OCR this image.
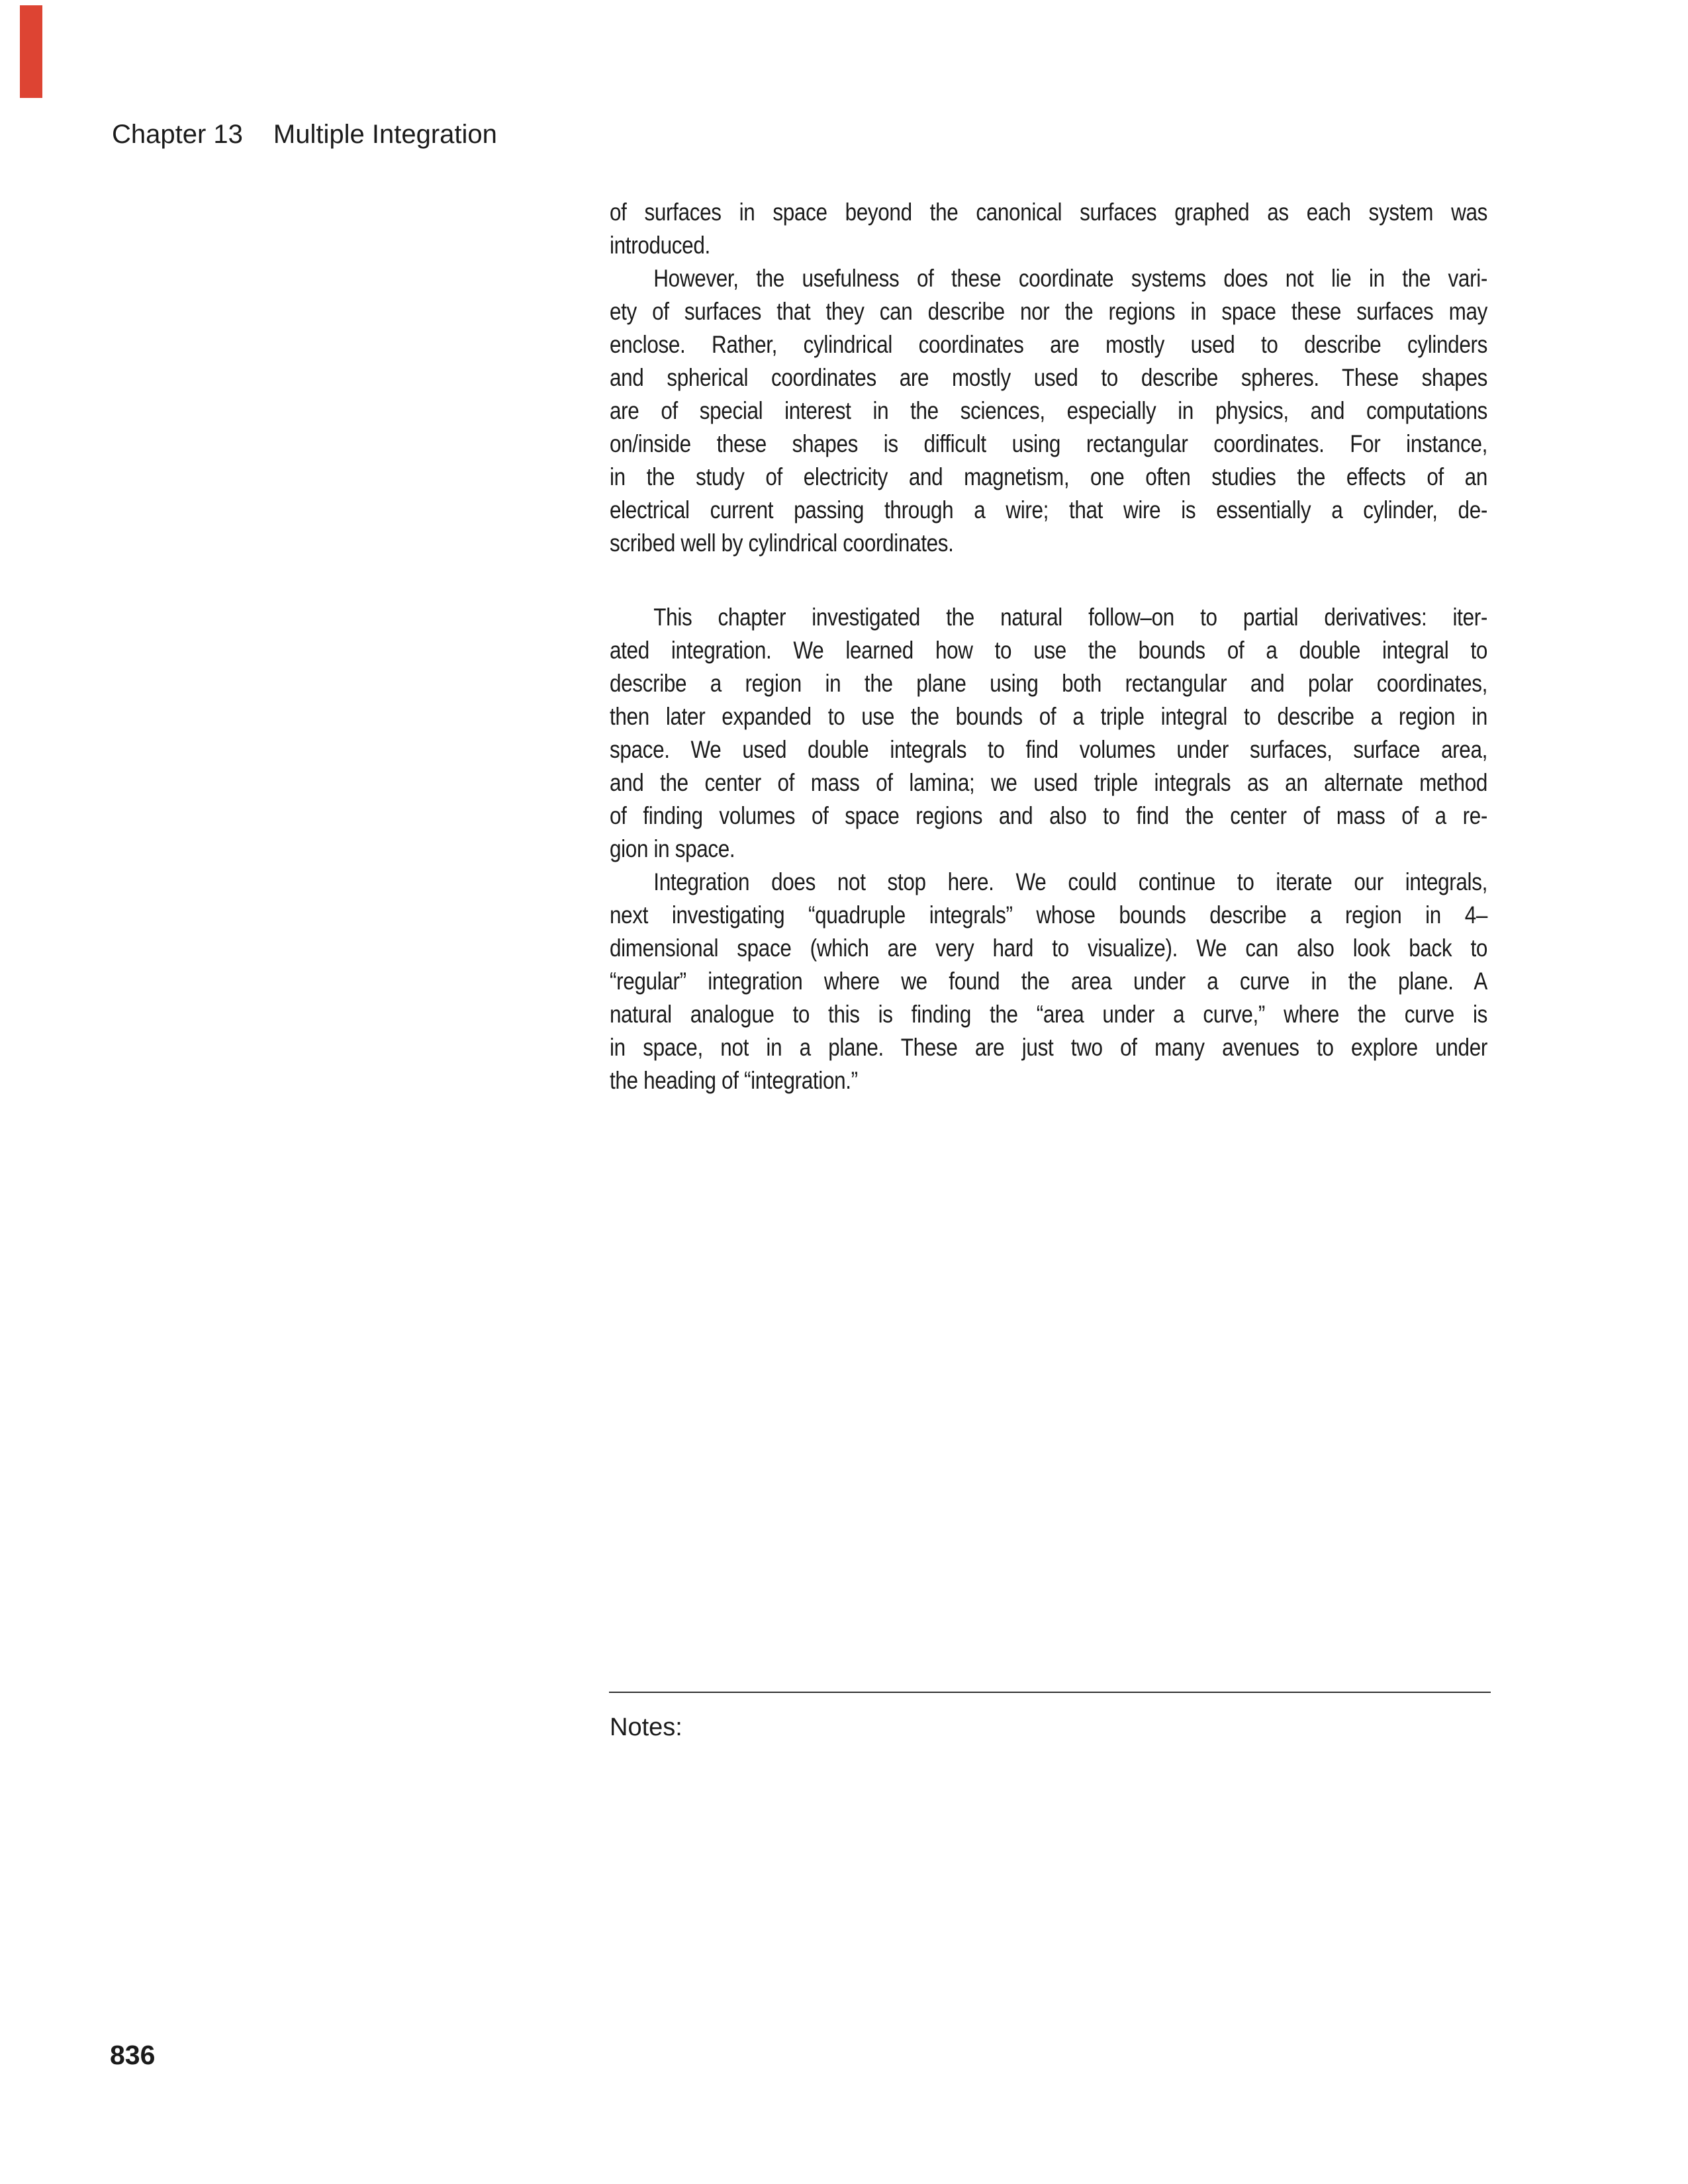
Chapter 13 Multiple Integration
of surfaces in space beyond the canonical surfaces graphed as each system was
introduced.
However, the usefulness of these coordinate systems does not lie in the vari-
ety of surfaces that they can describe nor the regions in space these surfaces may
enclose. Rather, cylindrical coordinates are mostly used to describe cylinders
and spherical coordinates are mostly used to describe spheres. These shapes
are of special interest in the sciences, especially in physics, and computations
on/inside these shapes is difficult using rectangular coordinates. For instance,
in the study of electricity and magnetism, one often studies the effects of an
electrical current passing through a wire; that wire is essentially a cylinder, de-
scribed well by cylindrical coordinates.
This chapter investigated the natural follow–on to partial derivatives: iter-
ated integration. We learned how to use the bounds of a double integral to
describe a region in the plane using both rectangular and polar coordinates,
then later expanded to use the bounds of a triple integral to describe a region in
space. We used double integrals to find volumes under surfaces, surface area,
and the center of mass of lamina; we used triple integrals as an alternate method
of finding volumes of space regions and also to find the center of mass of a re-
gion in space.
Integration does not stop here. We could continue to iterate our integrals,
next investigating “quadruple integrals” whose bounds describe a region in 4–
dimensional space (which are very hard to visualize). We can also look back to
“regular” integration where we found the area under a curve in the plane. A
natural analogue to this is finding the “area under a curve,” where the curve is
in space, not in a plane. These are just two of many avenues to explore under
the heading of “integration.”
Notes:
836
